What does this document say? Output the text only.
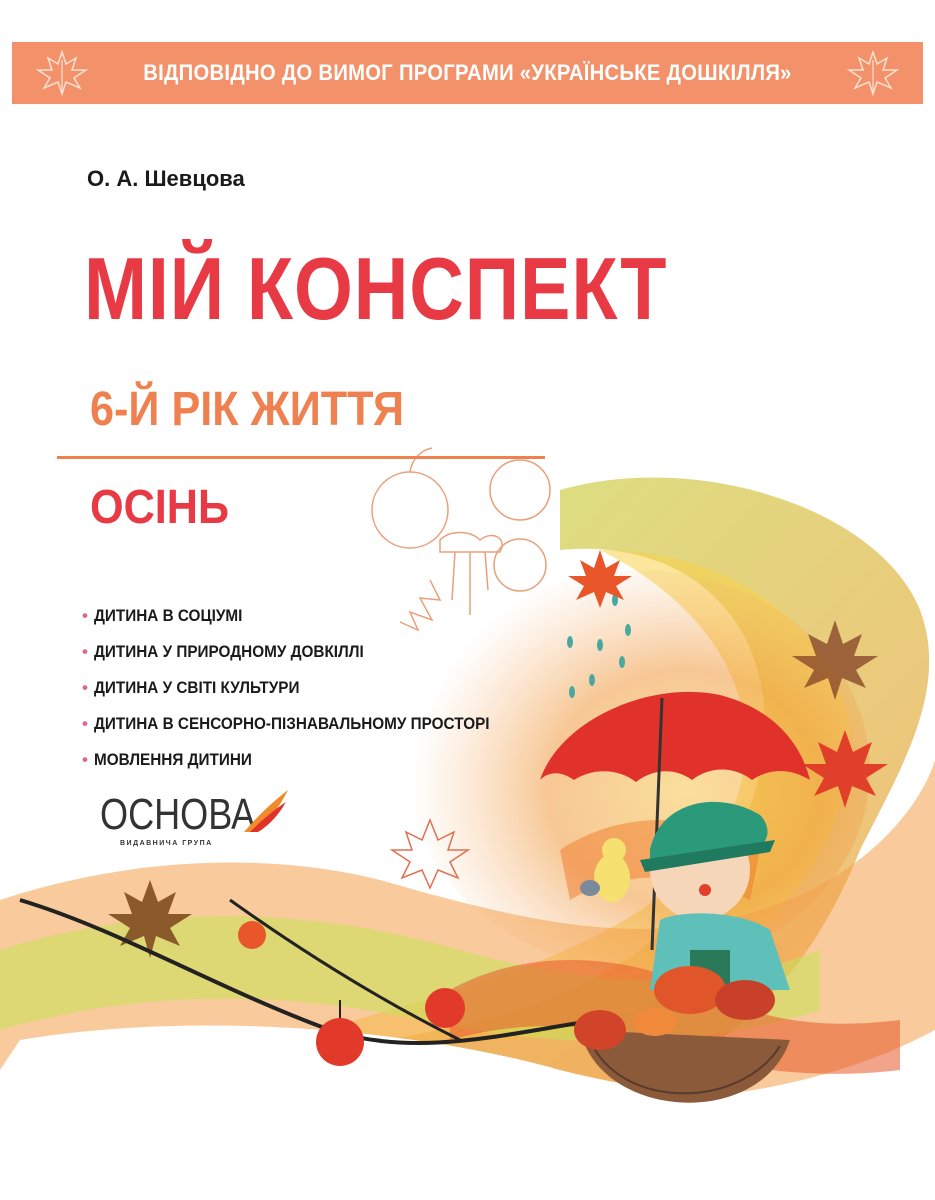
ВІДПОВІДНО ДО ВИМОГ ПРОГРАМИ «УКРАЇНСЬКЕ ДОШКІЛЛЯ»
О. А. Шевцова
МІЙ КОНСПЕКТ
6-Й РІК ЖИТТЯ
ОСІНЬ
• ДИТИНА В СОЦІУМІ
• ДИТИНА У ПРИРОДНОМУ ДОВКІЛЛІ
• ДИТИНА У СВІТІ КУЛЬТУРИ
• ДИТИНА В СЕНСОРНО-ПІЗНАВАЛЬНОМУ ПРОСТОРІ
• МОВЛЕННЯ ДИТИНИ
ОСНОВА
ВИДАВНИЧА ГРУПА
